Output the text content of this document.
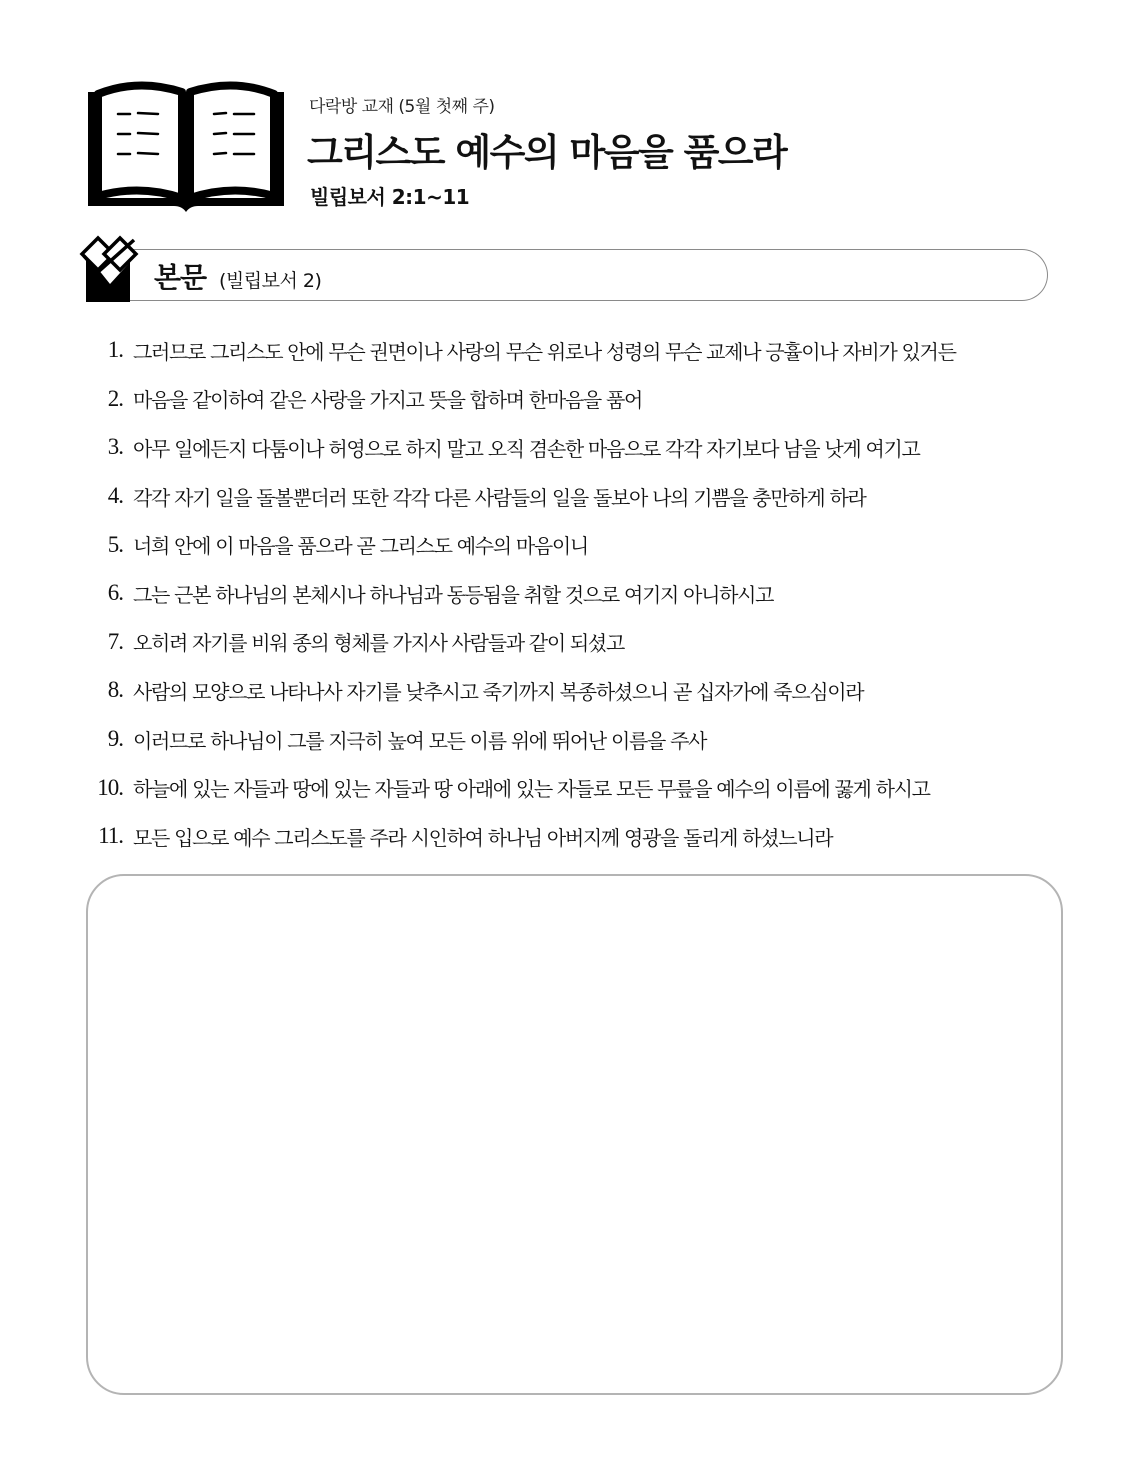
다락방 교재 (5월 첫째 주)
그리스도 예수의 마음을 품으라
빌립보서 2:1~11
본문 (빌립보서 2)
1. 그러므로 그리스도 안에 무슨 권면이나 사랑의 무슨 위로나 성령의 무슨 교제나 긍휼이나 자비가 있거든
2. 마음을 같이하여 같은 사랑을 가지고 뜻을 합하며 한마음을 품어
3. 아무 일에든지 다툼이나 허영으로 하지 말고 오직 겸손한 마음으로 각각 자기보다 남을 낫게 여기고
4. 각각 자기 일을 돌볼뿐더러 또한 각각 다른 사람들의 일을 돌보아 나의 기쁨을 충만하게 하라
5. 너희 안에 이 마음을 품으라 곧 그리스도 예수의 마음이니
6. 그는 근본 하나님의 본체시나 하나님과 동등됨을 취할 것으로 여기지 아니하시고
7. 오히려 자기를 비워 종의 형체를 가지사 사람들과 같이 되셨고
8. 사람의 모양으로 나타나사 자기를 낮추시고 죽기까지 복종하셨으니 곧 십자가에 죽으심이라
9. 이러므로 하나님이 그를 지극히 높여 모든 이름 위에 뛰어난 이름을 주사
10. 하늘에 있는 자들과 땅에 있는 자들과 땅 아래에 있는 자들로 모든 무릎을 예수의 이름에 꿇게 하시고
11. 모든 입으로 예수 그리스도를 주라 시인하여 하나님 아버지께 영광을 돌리게 하셨느니라
